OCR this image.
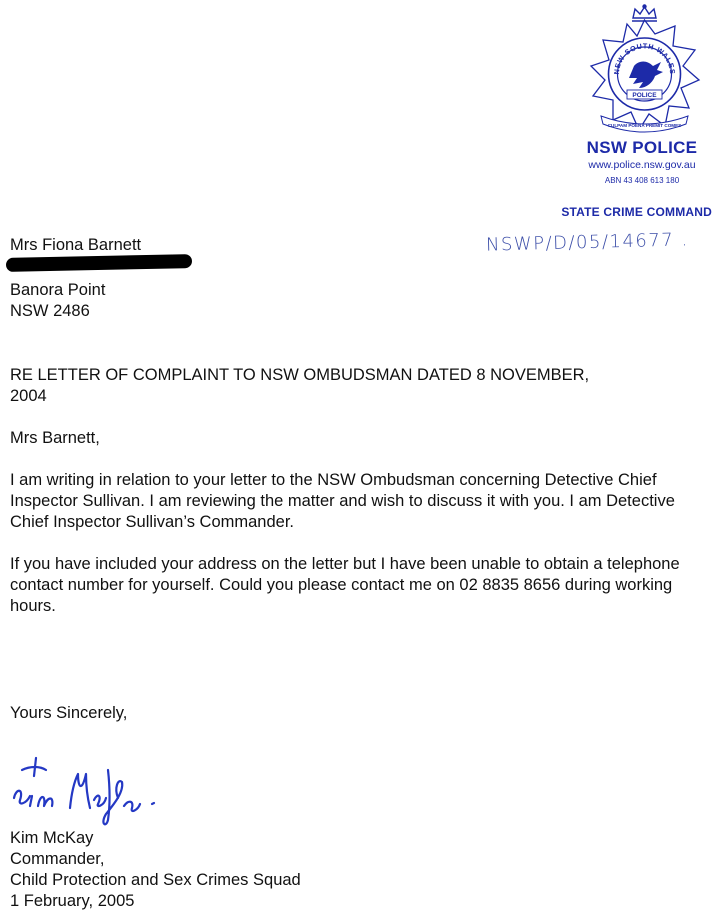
NEW SOUTH WALES
POLICE
CULPAM POENA PREMIT COMES
NSW POLICE
www.police.nsw.gov.au
ABN 43 408 613 180
STATE CRIME COMMAND
NSWP/D/05/14677 .
Mrs Fiona Barnett
Banora Point
NSW 2486
RE LETTER OF COMPLAINT TO NSW OMBUDSMAN DATED 8 NOVEMBER, 2004
Mrs Barnett,
I am writing in relation to your letter to the NSW Ombudsman concerning Detective Chief Inspector Sullivan. I am reviewing the matter and wish to discuss it with you. I am Detective Chief Inspector Sullivan’s Commander.
If you have included your address on the letter but I have been unable to obtain a telephone contact number for yourself. Could you please contact me on 02 8835 8656 during working hours.
Yours Sincerely,
Kim McKay
Commander,
Child Protection and Sex Crimes Squad
1 February, 2005
